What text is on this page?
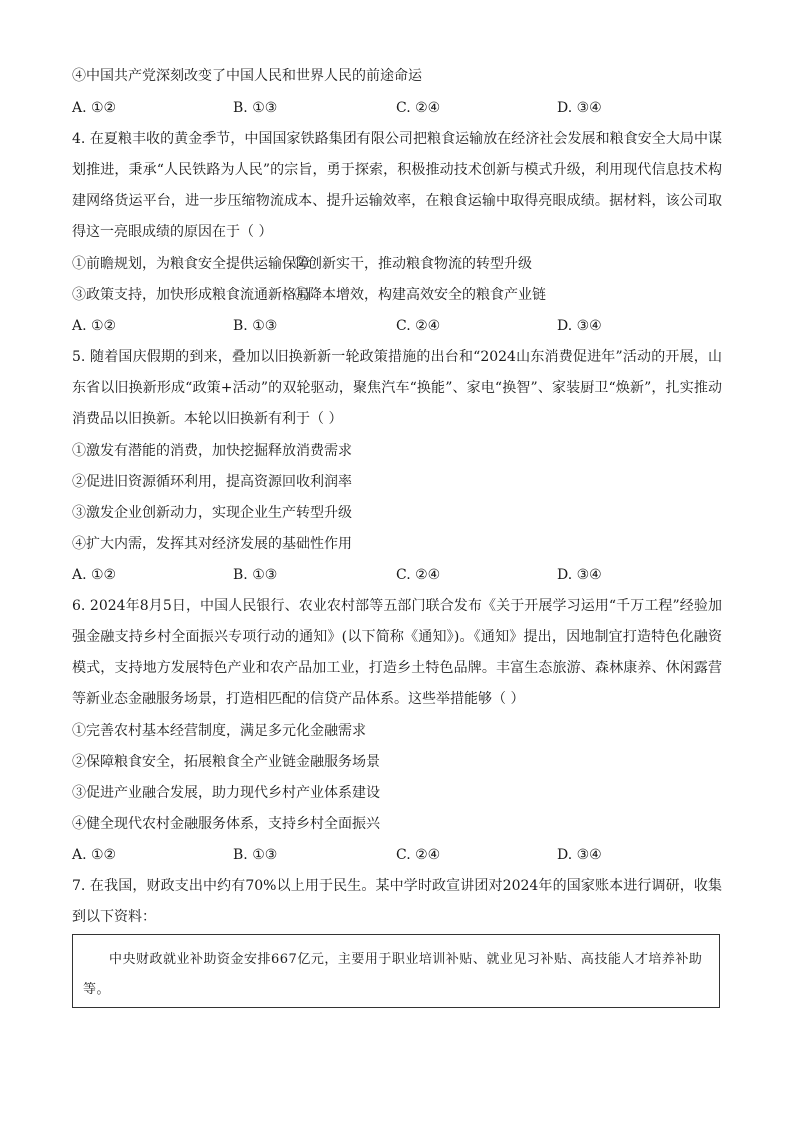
④中国共产党深刻改变了中国人民和世界人民的前途命运
A. ①②	B. ①③	C. ②④	D. ③④
4. 在夏粮丰收的黄金季节，中国国家铁路集团有限公司把粮食运输放在经济社会发展和粮食安全大局中谋划推进，秉承“人民铁路为人民”的宗旨，勇于探索，积极推动技术创新与模式升级，利用现代信息技术构建网络货运平台，进一步压缩物流成本、提升运输效率，在粮食运输中取得亮眼成绩。据材料，该公司取得这一亮眼成绩的原因在于（ ）
①前瞻规划，为粮食安全提供运输保障
②创新实干，推动粮食物流的转型升级
③政策支持，加快形成粮食流通新格局
④降本增效，构建高效安全的粮食产业链
A. ①②	B. ①③	C. ②④	D. ③④
5. 随着国庆假期的到来，叠加以旧换新新一轮政策措施的出台和“2024山东消费促进年”活动的开展，山东省以旧换新形成“政策+活动”的双轮驱动，聚焦汽车“换能”、家电“换智”、家装厨卫“焕新”，扎实推动消费品以旧换新。本轮以旧换新有利于（ ）
①激发有潜能的消费，加快挖掘释放消费需求
②促进旧资源循环利用，提高资源回收利润率
③激发企业创新动力，实现企业生产转型升级
④扩大内需，发挥其对经济发展的基础性作用
A. ①②	B. ①③	C. ②④	D. ③④
6. 2024年8月5日，中国人民银行、农业农村部等五部门联合发布《关于开展学习运用“千万工程”经验加强金融支持乡村全面振兴专项行动的通知》(以下简称《通知》)。《通知》提出，因地制宜打造特色化融资模式，支持地方发展特色产业和农产品加工业，打造乡土特色品牌。丰富生态旅游、森林康养、休闲露营等新业态金融服务场景，打造相匹配的信贷产品体系。这些举措能够（ ）
①完善农村基本经营制度，满足多元化金融需求
②保障粮食安全，拓展粮食全产业链金融服务场景
③促进产业融合发展，助力现代乡村产业体系建设
④健全现代农村金融服务体系，支持乡村全面振兴
A. ①②	B. ①③	C. ②④	D. ③④
7. 在我国，财政支出中约有70%以上用于民生。某中学时政宣讲团对2024年的国家账本进行调研，收集到以下资料：

中央财政就业补助资金安排667亿元，主要用于职业培训补贴、就业见习补贴、高技能人才培养补助等。
